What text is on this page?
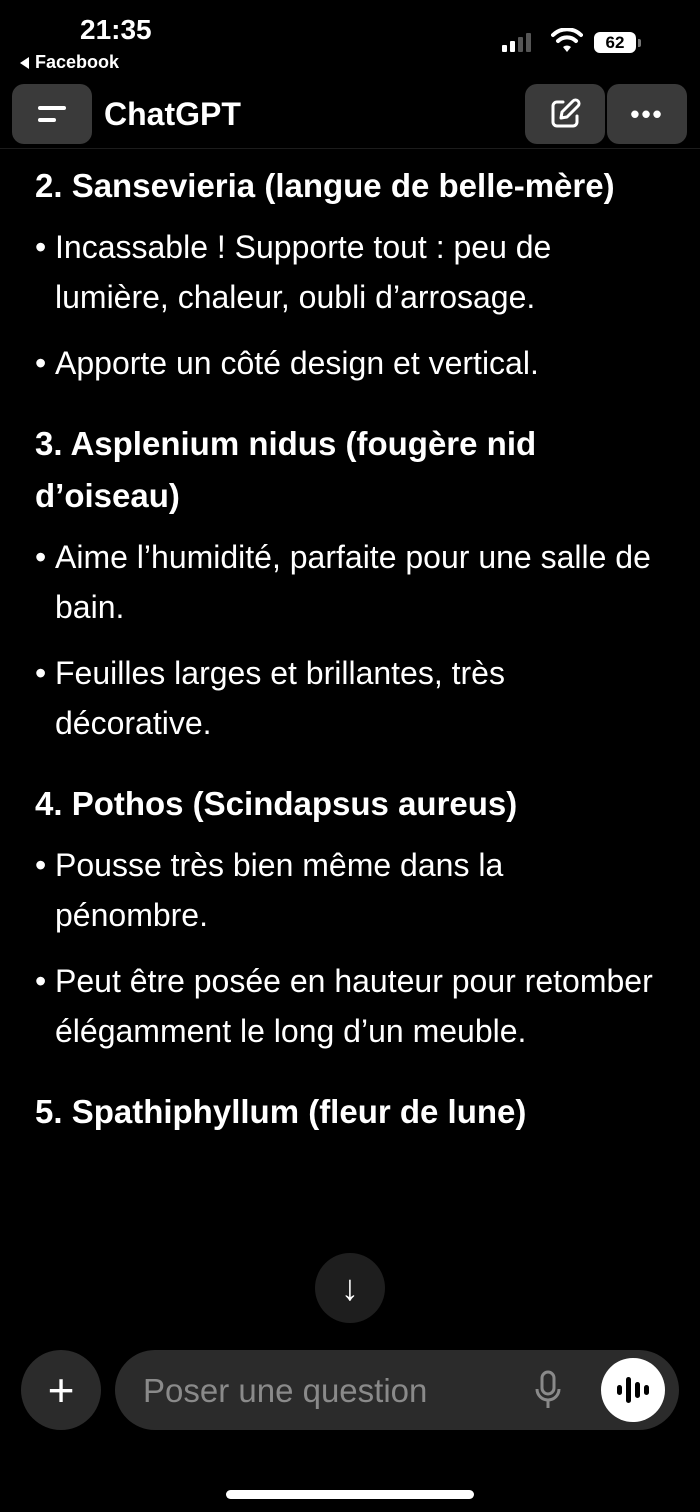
21:35
Facebook
62
ChatGPT	•••
2. Sansevieria (langue de belle-mère)
• Incassable ! Supporte tout : peu de lumière, chaleur, oubli d’arrosage.
• Apporte un côté design et vertical.
3. Asplenium nidus (fougère nid d’oiseau)
• Aime l’humidité, parfaite pour une salle de bain.
• Feuilles larges et brillantes, très décorative.
4. Pothos (Scindapsus aureus)
• Pousse très bien même dans la pénombre.
• Peut être posée en hauteur pour retomber élégamment le long d’un meuble.
5. Spathiphyllum (fleur de lune)
↓
+
Poser une question
